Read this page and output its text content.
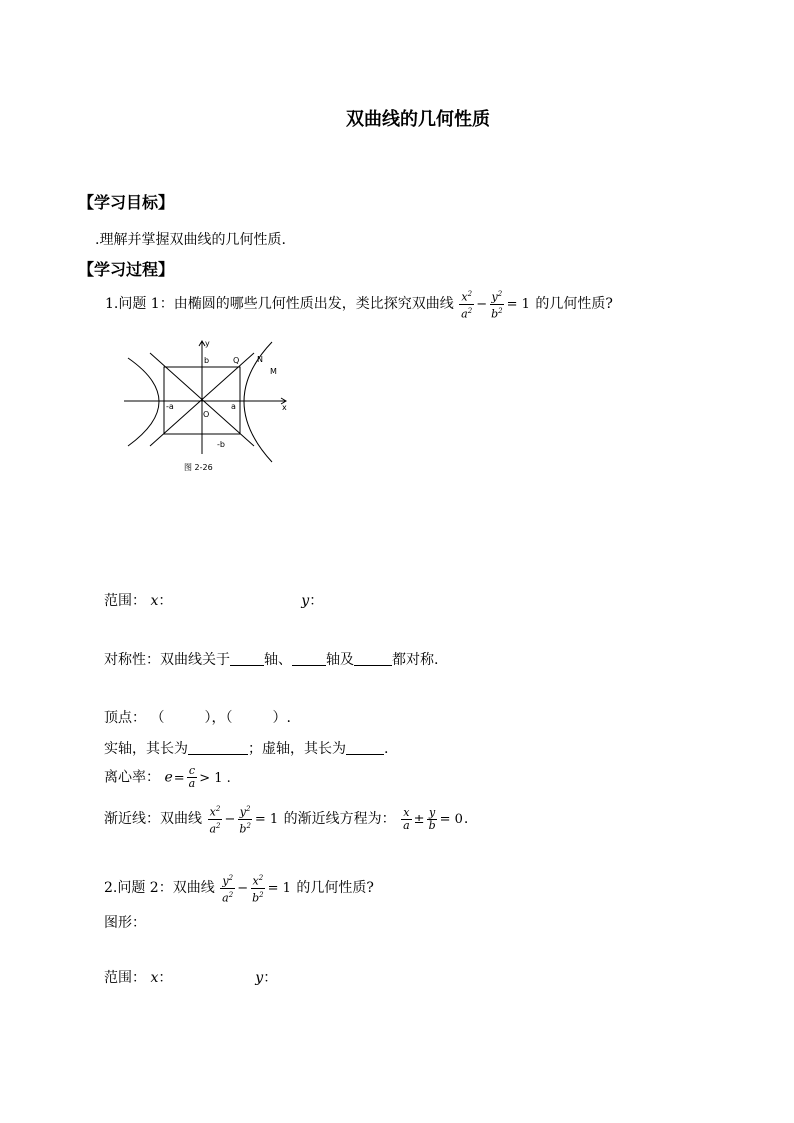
双曲线的几何性质
【学习目标】
.理解并掌握双曲线的几何性质.
【学习过程】
1.问题 1：由椭圆的哪些几何性质出发，类比探究双曲线 $\frac{x^2}{a^2} - \frac{y^2}{b^2} = 1$ 的几何性质?
y
x
b
-b
-a	a
O
Q N
M
图 2-26
范围： x：	y：
对称性：双曲线关于 轴、 轴及	都对称.
顶点： （	），（	）.
实轴，其长为	；虚轴，其长为	.
离心率： $e= \frac{c}{a} > 1$ .
渐近线：双曲线 $\frac{x^2}{a^2} - \frac{y^2}{b^2} = 1$ 的渐近线方程为： $\frac{x}{a} \pm \frac{y}{b} = 0$.
2.问题 2：双曲线 $\frac{y^2}{a^2} - \frac{x^2}{b^2} = 1$ 的几何性质?
图形：
范围： x：	y：
